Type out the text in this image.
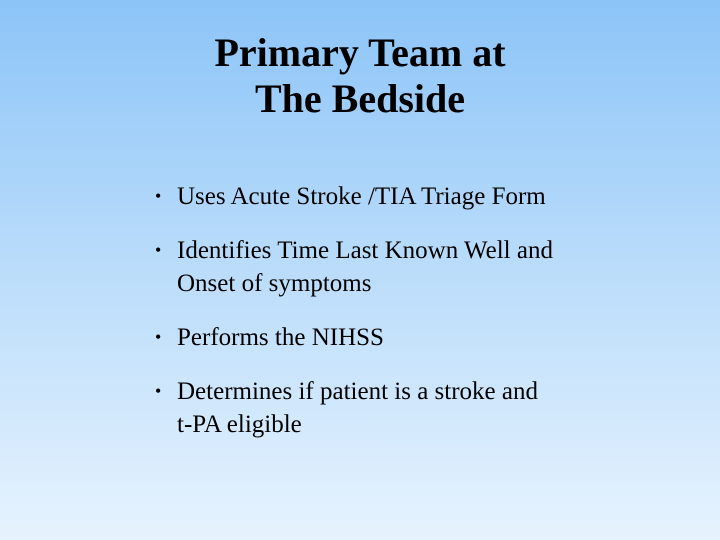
Primary Team at
The Bedside
• Uses Acute Stroke /TIA Triage Form
• Identifies Time Last Known Well and
Onset of symptoms
• Performs the NIHSS
• Determines if patient is a stroke and
t-PA eligible
